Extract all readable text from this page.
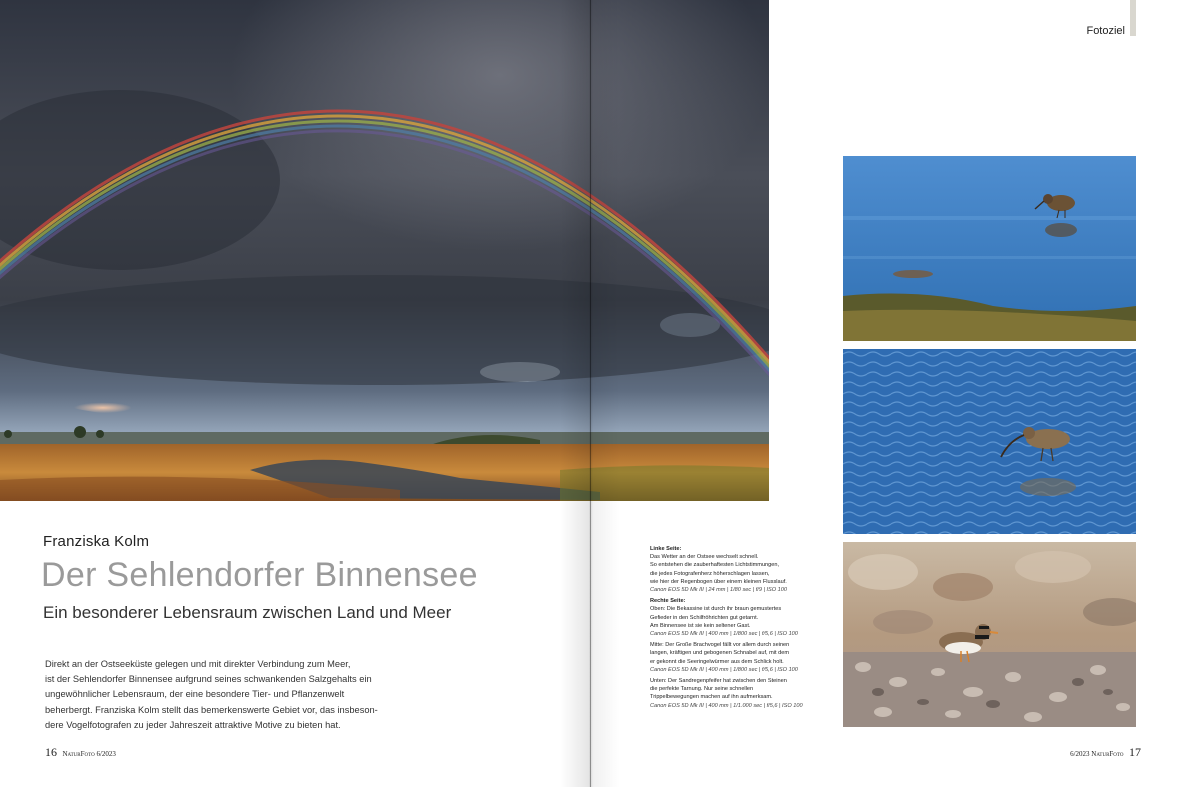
Franziska Kolm
Der Sehlendorfer Binnensee
Ein besonderer Lebensraum zwischen Land und Meer
Direkt an der Ostseeküste gelegen und mit direkter Verbindung zum Meer,
ist der Sehlendorfer Binnensee aufgrund seines schwankenden Salzgehalts ein
ungewöhnlicher Lebensraum, der eine besondere Tier- und Pflanzenwelt
beherbergt. Franziska Kolm stellt das bemerkenswerte Gebiet vor, das insbeson-
dere Vogelfotografen zu jeder Jahreszeit attraktive Motive zu bieten hat.
16 NaturFoto 6/2023
Fotoziel
Linke Seite:
Das Wetter an der Ostsee wechselt schnell.
So entstehen die zauberhaftesten Lichtstimmungen,
die jedes Fotografenherz höherschlagen lassen,
wie hier der Regenbogen über einem kleinen Flusslauf.
Canon EOS 5D Mk III | 24 mm | 1/80 sec | f/9 | ISO 100
Rechte Seite:
Oben: Die Bekassine ist durch ihr braun gemustertes
Gefieder in den Schilfröhrichten gut getarnt.
Am Binnensee ist sie kein seltener Gast.
Canon EOS 5D Mk III | 400 mm | 1/800 sec | f/5,6 | ISO 100
Mitte: Der Große Brachvogel fällt vor allem durch seinen
langen, kräftigen und gebogenen Schnabel auf, mit dem
er gekonnt die Seeringelwürmer aus dem Schlick holt.
Canon EOS 5D Mk III | 400 mm | 1/800 sec | f/5,6 | ISO 100
Unten: Der Sandregenpfeifer hat zwischen den Steinen
die perfekte Tarnung. Nur seine schnellen
Trippelbewegungen machen auf ihn aufmerksam.
Canon EOS 5D Mk III | 400 mm | 1/1.000 sec | f/5,6 | ISO 100
6/2023 NaturFoto 17
